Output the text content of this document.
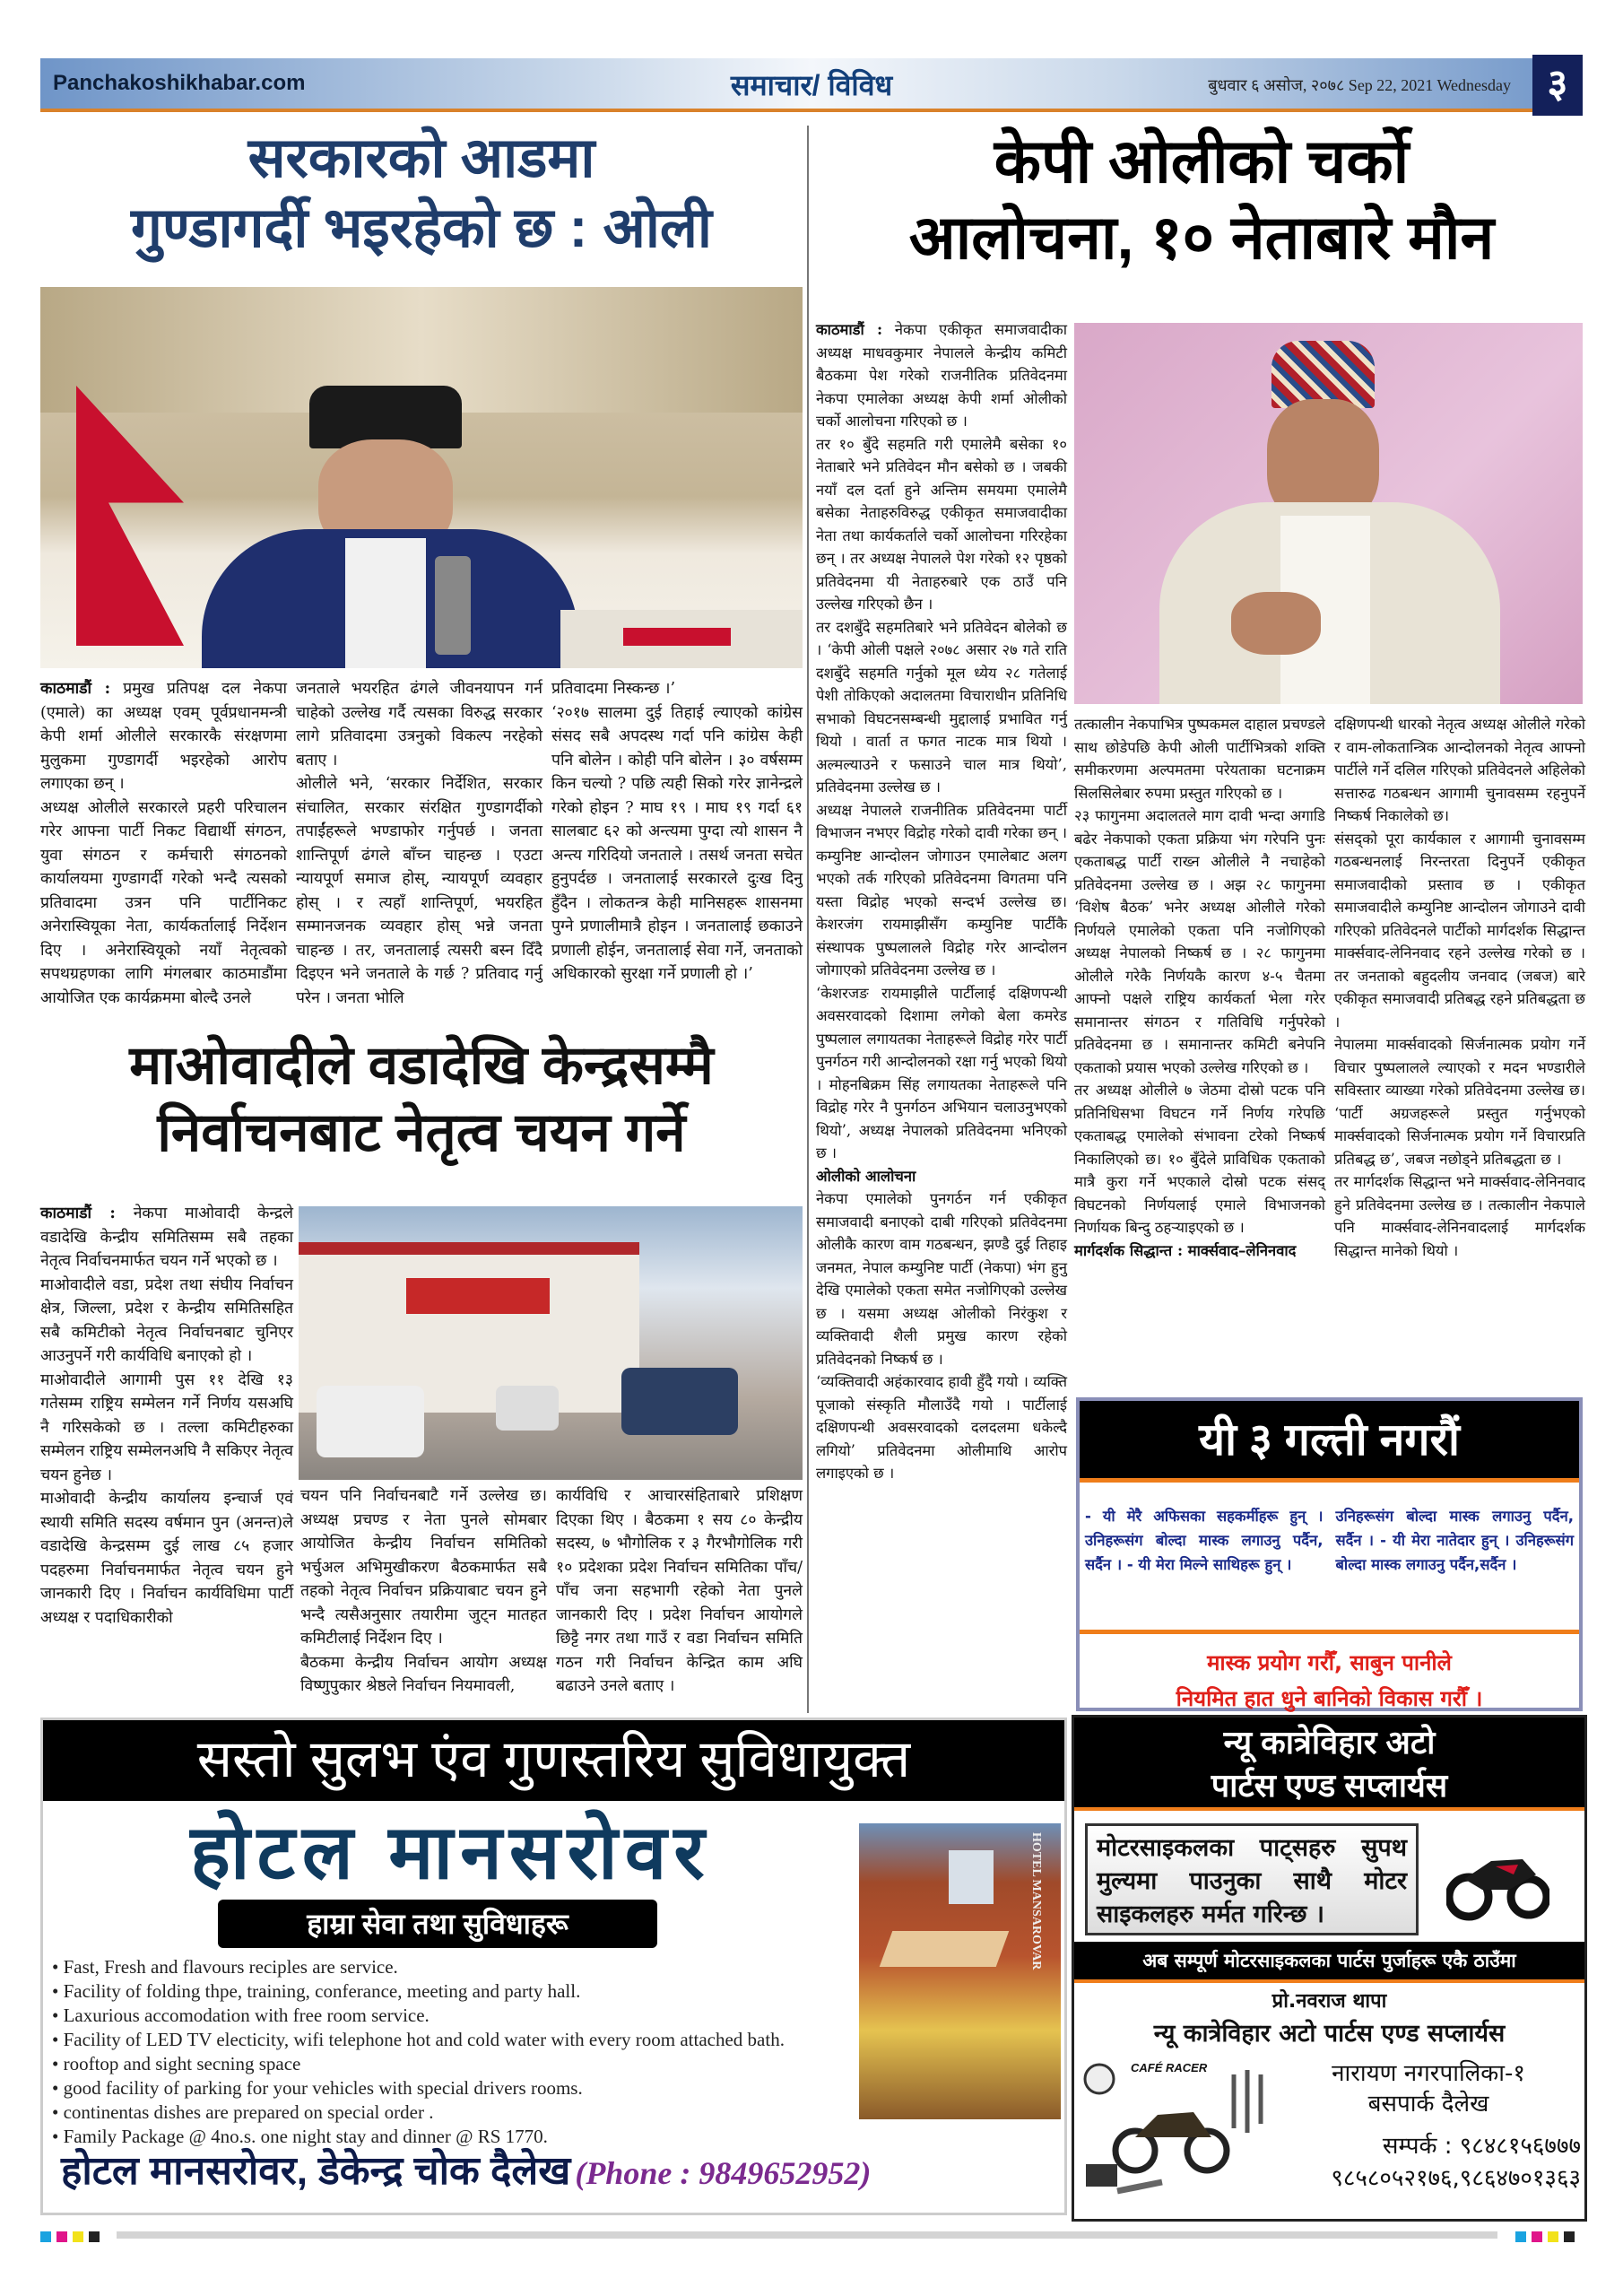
Panchakoshikhabar.com	समाचार/ विविध	बुधवार ६ असोज, २०७८ Sep 22, 2021 Wednesday ३
सरकारको आडमा
गुण्डागर्दी भइरहेको छ : ओली

काठमाडौं : प्रमुख प्रतिपक्ष दल नेकपा (एमाले) का अध्यक्ष एवम् पूर्वप्रधानमन्त्री केपी शर्मा ओलीले सरकारकै संरक्षणमा मुलुकमा गुण्डागर्दी भइरहेको आरोप लगाएका छन् ।

अध्यक्ष ओलीले सरकारले प्रहरी परिचालन गरेर आफ्ना पार्टी निकट विद्यार्थी संगठन, युवा संगठन र कर्मचारी संगठनको कार्यालयमा गुण्डागर्दी गरेको भन्दै त्यसको प्रतिवादमा उत्रन पनि पार्टीनिकट अनेरास्वियूका नेता, कार्यकर्तालाई निर्देशन दिए । अनेरास्वियूको नयाँ नेतृत्वको सपथग्रहणका लागि मंगलबार काठमाडौंमा आयोजित एक कार्यक्रममा बोल्दै उनले

जनताले भयरहित ढंगले जीवनयापन गर्न चाहेको उल्लेख गर्दै त्यसका विरुद्ध सरकार लागे प्रतिवादमा उत्रनुको विकल्प नरहेको बताए ।

ओलीले भने, ‘सरकार निर्देशित, सरकार संचालित, सरकार संरक्षित गुण्डागर्दीको तपाईंहरूले भण्डाफोर गर्नुपर्छ । जनता शान्तिपूर्ण ढंगले बाँच्न चाहन्छ । एउटा न्यायपूर्ण समाज होस्, न्यायपूर्ण व्यवहार होस् । र त्यहाँ शान्तिपूर्ण, भयरहित सम्मानजनक व्यवहार होस् भन्ने जनता चाहन्छ । तर, जनतालाई त्यसरी बस्न दिँदै दिइएन भने जनताले के गर्छ ? प्रतिवाद गर्नु परेन । जनता भोलि

प्रतिवादमा निस्कन्छ ।’

‘२०१७ सालमा दुई तिहाई ल्याएको कांग्रेस संसद सबै अपदस्थ गर्दा पनि कांग्रेस केही पनि बोलेन । कोही पनि बोलेन । ३० वर्षसम्म किन चल्यो ? पछि त्यही सिको गरेर ज्ञानेन्द्रले गरेको होइन ? माघ १९ । माघ १९ गर्दा ६१ सालबाट ६२ को अन्त्यमा पुग्दा त्यो शासन नै अन्त्य गरिदियो जनताले । तसर्थ जनता सचेत हुनुपर्दछ । जनतालाई सरकारले दुःख दिनु हुँदैन । लोकतन्त्र केही मानिसहरू शासनमा पुग्ने प्रणालीमात्रै होइन । जनतालाई छकाउने प्रणाली होईन, जनतालाई सेवा गर्ने, जनताको अधिकारको सुरक्षा गर्ने प्रणाली हो ।’

माओवादीले वडादेखि केन्द्रसम्मै
निर्वाचनबाट नेतृत्व चयन गर्ने

काठमाडौं : नेकपा माओवादी केन्द्रले वडादेखि केन्द्रीय समितिसम्म सबै तहका नेतृत्व निर्वाचनमार्फत चयन गर्ने भएको छ ।

माओवादीले वडा, प्रदेश तथा संघीय निर्वाचन क्षेत्र, जिल्ला, प्रदेश र केन्द्रीय समितिसहित सबै कमिटीको नेतृत्व निर्वाचनबाट चुनिएर आउनुपर्ने गरी कार्यविधि बनाएको हो ।

माओवादीले आगामी पुस ११ देखि १३ गतेसम्म राष्ट्रिय सम्मेलन गर्ने निर्णय यसअघि नै गरिसकेको छ । तल्ला कमिटीहरुका सम्मेलन राष्ट्रिय सम्मेलनअघि नै सकिएर नेतृत्व चयन हुनेछ ।

माओवादी केन्द्रीय कार्यालय इन्चार्ज एवं स्थायी समिति सदस्य वर्षमान पुन (अनन्त)ले वडादेखि केन्द्रसम्म दुई लाख ८५ हजार पदहरुमा निर्वाचनमार्फत नेतृत्व चयन हुने जानकारी दिए । निर्वाचन कार्यविधिमा पार्टी अध्यक्ष र पदाधिकारीको

चयन पनि निर्वाचनबाटै गर्ने उल्लेख छ। अध्यक्ष प्रचण्ड र नेता पुनले सोमबार आयोजित केन्द्रीय निर्वाचन समितिको भर्चुअल अभिमुखीकरण बैठकमार्फत सबै तहको नेतृत्व निर्वाचन प्रक्रियाबाट चयन हुने भन्दै त्यसैअनुसार तयारीमा जुट्न मातहत कमिटीलाई निर्देशन दिए ।

बैठकमा केन्द्रीय निर्वाचन आयोग अध्यक्ष विष्णुपुकार श्रेष्ठले निर्वाचन नियमावली,

कार्यविधि र आचारसंहिताबारे प्रशिक्षण दिएका थिए । बैठकमा १ सय ८० केन्द्रीय सदस्य, ७ भौगोलिक र ३ गैरभौगोलिक गरी १० प्रदेशका प्रदेश निर्वाचन समितिका पाँच/पाँच जना सहभागी रहेको नेता पुनले जानकारी दिए । प्रदेश निर्वाचन आयोगले छिट्टै नगर तथा गाउँ र वडा निर्वाचन समिति गठन गरी निर्वाचन केन्द्रित काम अघि बढाउने उनले बताए ।

केपी ओलीको चर्को
आलोचना, १० नेताबारे मौन

काठमाडौं : नेकपा एकीकृत समाजवादीका अध्यक्ष माधवकुमार नेपालले केन्द्रीय कमिटी बैठकमा पेश गरेको राजनीतिक प्रतिवेदनमा नेकपा एमालेका अध्यक्ष केपी शर्मा ओलीको चर्को आलोचना गरिएको छ ।

तर १० बुँदे सहमति गरी एमालेमै बसेका १० नेताबारे भने प्रतिवेदन मौन बसेको छ । जबकी नयाँ दल दर्ता हुने अन्तिम समयमा एमालेमै बसेका नेताहरुविरुद्ध एकीकृत समाजवादीका नेता तथा कार्यकर्ताले चर्को आलोचना गरिरहेका छन् । तर अध्यक्ष नेपालले पेश गरेको १२ पृष्ठको प्रतिवेदनमा यी नेताहरुबारे एक ठाउँ पनि उल्लेख गरिएको छैन ।

तर दशबुँदे सहमतिबारे भने प्रतिवेदन बोलेको छ । ‘केपी ओली पक्षले २०७८ असार २७ गते राति दशबुँदे सहमति गर्नुको मूल ध्येय २८ गतेलाई पेशी तोकिएको अदालतमा विचाराधीन प्रतिनिधि सभाको विघटनसम्बन्धी मुद्दालाई प्रभावित गर्नु थियो । वार्ता त फगत नाटक मात्र थियो । अल्मल्याउने र फसाउने चाल मात्र थियो’, प्रतिवेदनमा उल्लेख छ ।

अध्यक्ष नेपालले राजनीतिक प्रतिवेदनमा पार्टी विभाजन नभएर विद्रोह गरेको दावी गरेका छन् । कम्युनिष्ट आन्दोलन जोगाउन एमालेबाट अलग भएको तर्क गरिएको प्रतिवेदनमा विगतमा पनि यस्ता विद्रोह भएको सन्दर्भ उल्लेख छ। केशरजंग रायमाझीसँग कम्युनिष्ट पार्टीकै संस्थापक पुष्पलालले विद्रोह गरेर आन्दोलन जोगाएको प्रतिवेदनमा उल्लेख छ ।

‘केशरजङ रायमाझीले पार्टीलाई दक्षिणपन्थी अवसरवादको दिशामा लगेको बेला कमरेड पुष्पलाल लगायतका नेताहरूले विद्रोह गरेर पार्टी पुनर्गठन गरी आन्दोलनको रक्षा गर्नु भएको थियो । मोहनबिक्रम सिंह लगायतका नेताहरूले पनि विद्रोह गरेर नै पुनर्गठन अभियान चलाउनुभएको थियो’, अध्यक्ष नेपालको प्रतिवेदनमा भनिएको छ ।

ओलीको आलोचना

नेकपा एमालेको पुनगर्ठन गर्न एकीकृत समाजवादी बनाएको दाबी गरिएको प्रतिवेदनमा ओलीकै कारण वाम गठबन्धन, झण्डै दुई तिहाइ जनमत, नेपाल कम्युनिष्ट पार्टी (नेकपा) भंग हुनु देखि एमालेको एकता समेत नजोगिएको उल्लेख छ । यसमा अध्यक्ष ओलीको निरंकुश र व्यक्तिवादी शैली प्रमुख कारण रहेको प्रतिवेदनको निष्कर्ष छ ।

‘व्यक्तिवादी अहंकारवाद हावी हुँदै गयो । व्यक्ति पूजाको संस्कृति मौलाउँदै गयो । पार्टीलाई दक्षिणपन्थी अवसरवादको दलदलमा धकेल्दै लगियो’ प्रतिवेदनमा ओलीमाथि आरोप लगाइएको छ ।

तत्कालीन नेकपाभित्र पुष्पकमल दाहाल प्रचण्डले साथ छोडेपछि केपी ओली पार्टीभित्रको शक्ति समीकरणमा अल्पमतमा परेयताका घटनाक्रम सिलसिलेबार रुपमा प्रस्तुत गरिएको छ ।

२३ फागुनमा अदालतले माग दावी भन्दा अगाडि बढेर नेकपाको एकता प्रक्रिया भंग गरेपनि पुनः एकताबद्ध पार्टी राख्न ओलीले नै नचाहेको प्रतिवेदनमा उल्लेख छ । अझ २८ फागुनमा ‘विशेष बैठक’ भनेर अध्यक्ष ओलीले गरेको निर्णयले एमालेको एकता पनि नजोगिएको अध्यक्ष नेपालको निष्कर्ष छ । २८ फागुनमा ओलीले गरेकै निर्णयकै कारण ४-५ चैतमा आफ्नो पक्षले राष्ट्रिय कार्यकर्ता भेला गरेर समानान्तर संगठन र गतिविधि गर्नुपरेको प्रतिवेदनमा छ । समानान्तर कमिटी बनेपनि एकताको प्रयास भएको उल्लेख गरिएको छ ।

तर अध्यक्ष ओलीले ७ जेठमा दोस्रो पटक पनि प्रतिनिधिसभा विघटन गर्ने निर्णय गरेपछि एकताबद्ध एमालेको संभावना टरेको निष्कर्ष निकालिएको छ। १० बुँदेले प्राविधिक एकताको मात्रै कुरा गर्ने भएकाले दोस्रो पटक संसद् विघटनको निर्णयलाई एमाले विभाजनको निर्णायक बिन्दु ठहऱ्याइएको छ ।

मार्गदर्शक सिद्धान्त : मार्क्सवाद–लेनिनवाद

दक्षिणपन्थी धारको नेतृत्व अध्यक्ष ओलीले गरेको र वाम-लोकतान्त्रिक आन्दोलनको नेतृत्व आफ्नो पार्टीले गर्ने दलिल गरिएको प्रतिवेदनले अहिलेको सत्तारुढ गठबन्धन आगामी चुनावसम्म रहनुपर्ने निष्कर्ष निकालेको छ।

संसद्को पूरा कार्यकाल र आगामी चुनावसम्म गठबन्धनलाई निरन्तरता दिनुपर्ने एकीकृत समाजवादीको प्रस्ताव छ । एकीकृत समाजवादीले कम्युनिष्ट आन्दोलन जोगाउने दावी गरिएको प्रतिवेदनले पार्टीको मार्गदर्शक सिद्धान्त मार्क्सवाद-लेनिनवाद रहने उल्लेख गरेको छ । तर जनताको बहुदलीय जनवाद (जबज) बारे एकीकृत समाजवादी प्रतिबद्ध रहने प्रतिबद्धता छ ।

नेपालमा मार्क्सवादको सिर्जनात्मक प्रयोग गर्ने विचार पुष्पलालले ल्याएको र मदन भण्डारीले सविस्तार व्याख्या गरेको प्रतिवेदनमा उल्लेख छ। ‘पार्टी अग्रजहरूले प्रस्तुत गर्नुभएको मार्क्सवादको सिर्जनात्मक प्रयोग गर्ने विचारप्रति प्रतिबद्ध छ’, जबज नछोड्ने प्रतिबद्धता छ ।

तर मार्गदर्शक सिद्धान्त भने मार्क्सवाद-लेनिनवाद हुने प्रतिवेदनमा उल्लेख छ । तत्कालीन नेकपाले पनि मार्क्सवाद-लेनिनवादलाई मार्गदर्शक सिद्धान्त मानेको थियो ।

यी ३ गल्ती नगरौं
- यी मेरै अफिसका सहकर्मीहरू हुन् । उनिहरूसंग बोल्दा मास्क लगाउनु पर्दैन, सर्दैन । - यी मेरा मिल्ने साथिहरू हुन् ।
उनिहरूसंग बोल्दा मास्क लगाउनु पर्दैन, सर्दैन । - यी मेरा नातेदार हुन् । उनिहरूसंग बोल्दा मास्क लगाउनु पर्दैन,सर्दैन ।
मास्क प्रयोग गरौँ, साबुन पानीले
नियमित हात धुने बानिको विकास गरौँ ।
सस्तो सुलभ एंव गुणस्तरिय सुविधायुक्त
होटल मानसरोवर
हाम्रा सेवा तथा सुविधाहरू
• Fast, Fresh and flavours reciples are service.
• Facility of folding thpe, training, conferance, meeting and party hall.
• Laxurious accomodation with free room service.
• Facility of LED TV electicity, wifi telephone hot and cold water with every room attached bath.
• rooftop and sight secning space
• good facility of parking for your vehicles with special drivers rooms.
• continentas dishes are prepared on special order .
• Family Package @ 4no.s. one night stay and dinner @ RS 1770.
HOTEL MANSAROVAR
होटल मानसरोवर, डेकेन्द्र चोक दैलेख (Phone : 9849652952)
न्यू कात्रेविहार अटो
पार्टस एण्ड सप्लार्यस
मोटरसाइकलका पाट्सहरु सुपथ मुल्यमा पाउनुका साथै मोटर साइकलहरु मर्मत गरिन्छ ।
अब सम्पूर्ण मोटरसाइकलका पार्टस पुर्जाहरू एकै ठाउँमा
प्रो.नवराज थापा
न्यू कात्रेविहार अटो पार्टस एण्ड सप्लार्यस
CAFÉ RACER	नारायण नगरपालिका-१
बसपार्क दैलेख
सम्पर्क : ९८४८१५६७७७
९८५८०५२१७६,९८६४७०१३६३
